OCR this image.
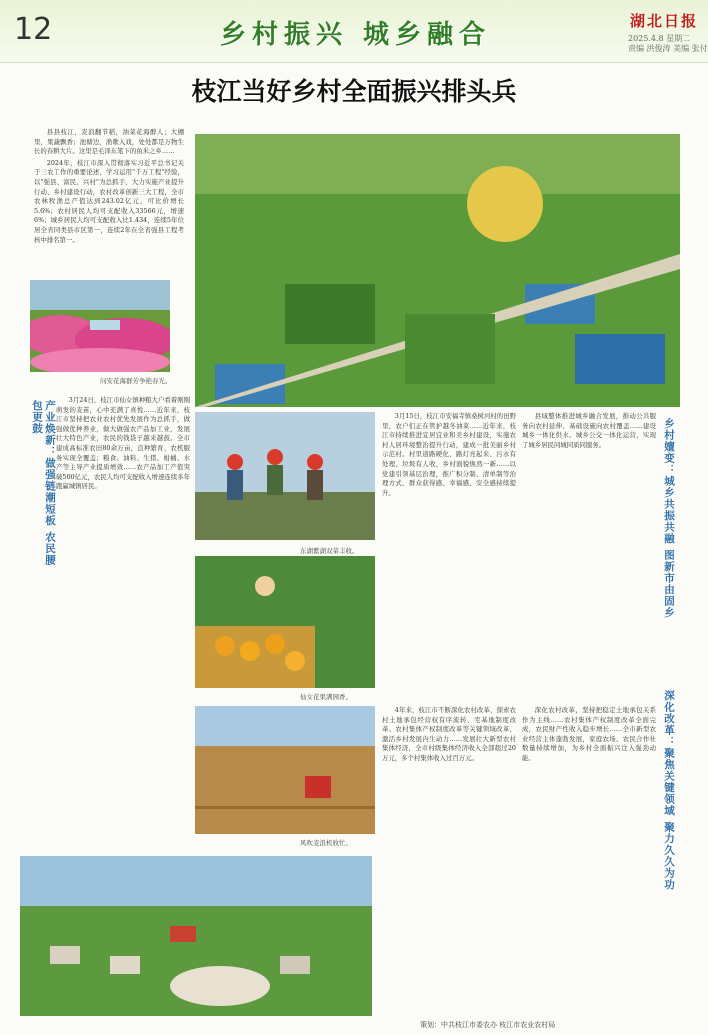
12	乡村振兴 城乡融合	湖北日报
2025.4.8 星期二
责编 洪俊涛 美编 张付
枝江当好乡村全面振兴排头兵

县县枝江，麦浪翻节稻，油菜花海醉人；大棚里，果蔬飘香；池塘边，渔歌入戏，处处都是万物生长的春耕大片。这里是毛泽东笔下的鱼米之乡……

2024年，枝江市深入贯彻落实习近平总书记关于三农工作的重要论述，学习运用"千万工程"经验，以"强县、富民、兴村"为总抓手，大力实施产业提升行动、乡村建设行动，农村改革创新三大工程，全市农林牧渔总产值达到243.02亿元，可比价增长5.6%；农村居民人均可支配收入33566元，增速6%；城乡居民人均可支配收入比1.434，连续5年位居全省同类县市区第一，连续2年在全省强县工程考核中排名第一。

问安花海群芳争艳春光。
产业焕新：做强链潮短板 农民腰包更鼓	3月24日，枝江市仙女镇种粮大户看着刚刚萌发的麦苗，心中充满了喜悦……近年来，枝江市坚持把农业农村优先发展作为总抓手，做强做优种养业，做大做强农产品加工业，发展壮大特色产业，农民的钱袋子越来越鼓。全市建成高标准农田80余万亩，良种繁育、农机服务实现全覆盖；粮食、油料、生猪、柑橘、水产等主导产业提质增效……农产品加工产值突破500亿元，农民人均可支配收入增速连续多年跑赢城镇居民。

东湖紫湖双菜丰收。
仙女花果满园香。
风吹麦浪机收忙。

3月15日，枝江市安福寺镇桑树河村的田野里，农户们正在管护越冬油菜……近年来，枝江市持续推进宜居宜业和美乡村建设，实施农村人居环境整治提升行动，建成一批美丽乡村示范村。村里道路硬化、路灯亮起来、污水有处理、垃圾有人收，乡村面貌焕然一新……以党建引领基层治理，推广积分制、清单制等治理方式，群众获得感、幸福感、安全感持续提升。

4年来，枝江市不断深化农村改革，探索农村土地承包经营权有序流转、宅基地制度改革、农村集体产权制度改革等关键领域改革，激活乡村发展内生动力……发展壮大新型农村集体经济，全市村级集体经济收入全部超过20万元，多个村集体收入过百万元。

县域整体推进城乡融合发展，推动公共服务向农村延伸、基础设施向农村覆盖……建设城乡一体化供水、城乡公交一体化运营，实现了城乡居民同城同质同服务。

深化农村改革，坚持把稳定土地承包关系作为主线……农村集体产权制度改革全面完成，农民财产性收入稳步增长……全市新型农业经营主体蓬勃发展，家庭农场、农民合作社数量持续增加，为乡村全面振兴注入强劲动能。

乡村嬗变：城乡共振共融 图新市由固乡
深化改革：聚焦关键领域 聚力久久为功
策划：中共枝江市委农办 枝江市农业农村局
